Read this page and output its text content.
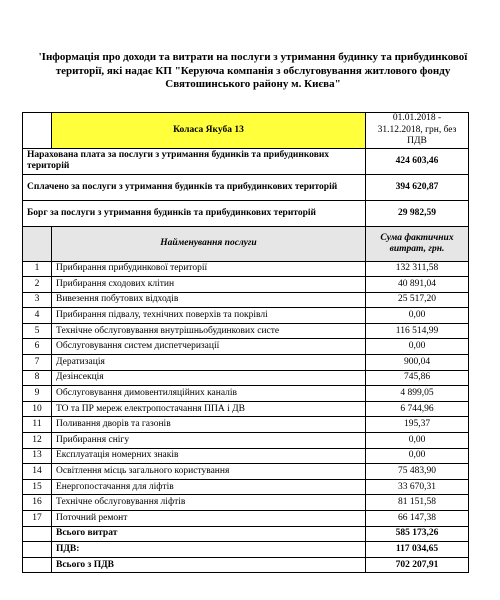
'Інформація про доходи та витрати на послуги з утримання будинку та прибудинкової території, які надає КП "Керуюча компанія з обслуговування житлового фонду Святошинського району м. Києва"
	Коласа Якуба 13	01.01.2018 - 31.12.2018, грн, без ПДВ
Нарахована плата за послуги з утримання будинків та прибудинкових територій		424 603,46
Сплачено за послуги з утримання будинків та прибудинкових територій		394 620,87
Борг за послуги з утримання будинків та прибудинкових територій		29 982,59
	Найменування послуги	Сума фактичних витрат, грн.
1	Прибирання прибудинкової території	132 311,58
2	Прибирання сходових клітин	40 891,04
3	Вивезення побутових відходів	25 517,20
4	Прибирання підвалу, технічних поверхів та покрівлі	0,00
5	Технічне обслуговування внутрішньобудинкових систе	116 514,99
6	Обслуговування систем диспетчеризації	0,00
7	Дератизація	900,04
8	Дезінсекція	745,86
9	Обслуговування димовентиляційних каналів	4 899,05
10	ТО та ПР мереж електропостачання ППА і ДВ	6 744,96
11	Поливання дворів та газонів	195,37
12	Прибирання снігу	0,00
13	Експлуатація номерних знаків	0,00
14	Освітлення місць загального користування	75 483,90
15	Енергопостачання для ліфтів	33 670,31
16	Технічне обслуговування ліфтів	81 151,58
17	Поточний ремонт	66 147,38
	Всього витрат	585 173,26
	ПДВ:	117 034,65
	Всього з ПДВ	702 207,91
